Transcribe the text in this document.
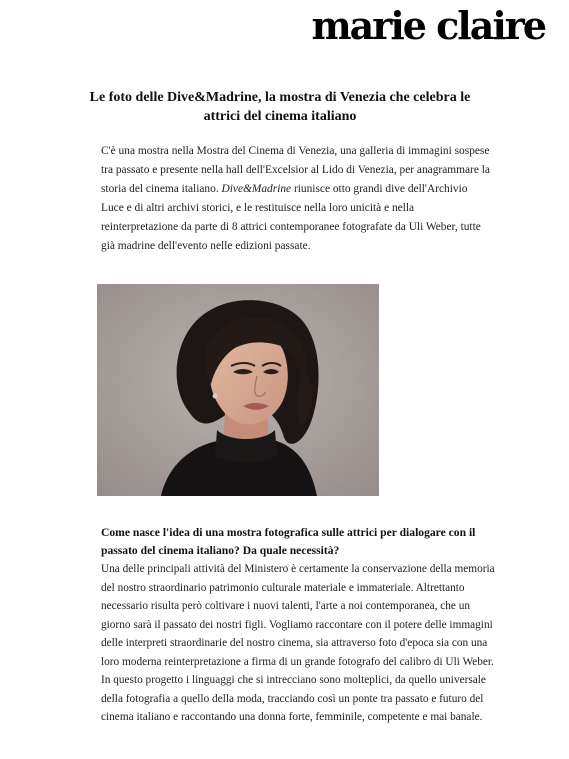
marie claire
Le foto delle Dive&Madrine, la mostra di Venezia che celebra le attrici del cinema italiano

C'è una mostra nella Mostra del Cinema di Venezia, una galleria di immagini sospese tra passato e presente nella hall dell'Excelsior al Lido di Venezia, per anagrammare la storia del cinema italiano. Dive&Madrine riunisce otto grandi dive dell'Archivio Luce e di altri archivi storici, e le restituisce nella loro unicità e nella reinterpretazione da parte di 8 attrici contemporanee fotografate da Uli Weber, tutte già madrine dell'evento nelle edizioni passate.

Come nasce l'idea di una mostra fotografica sulle attrici per dialogare con il passato del cinema italiano? Da quale necessità?

Una delle principali attività del Ministero è certamente la conservazione della memoria del nostro straordinario patrimonio culturale materiale e immateriale. Altrettanto necessario risulta però coltivare i nuovi talenti, l'arte a noi contemporanea, che un giorno sarà il passato dei nostri figli. Vogliamo raccontare con il potere delle immagini delle interpreti straordinarie del nostro cinema, sia attraverso foto d'epoca sia con una loro moderna reinterpretazione a firma di un grande fotografo del calibro di Uli Weber. In questo progetto i linguaggi che si intrecciano sono molteplici, da quello universale della fotografia a quello della moda, tracciando così un ponte tra passato e futuro del cinema italiano e raccontando una donna forte, femminile, competente e mai banale.
